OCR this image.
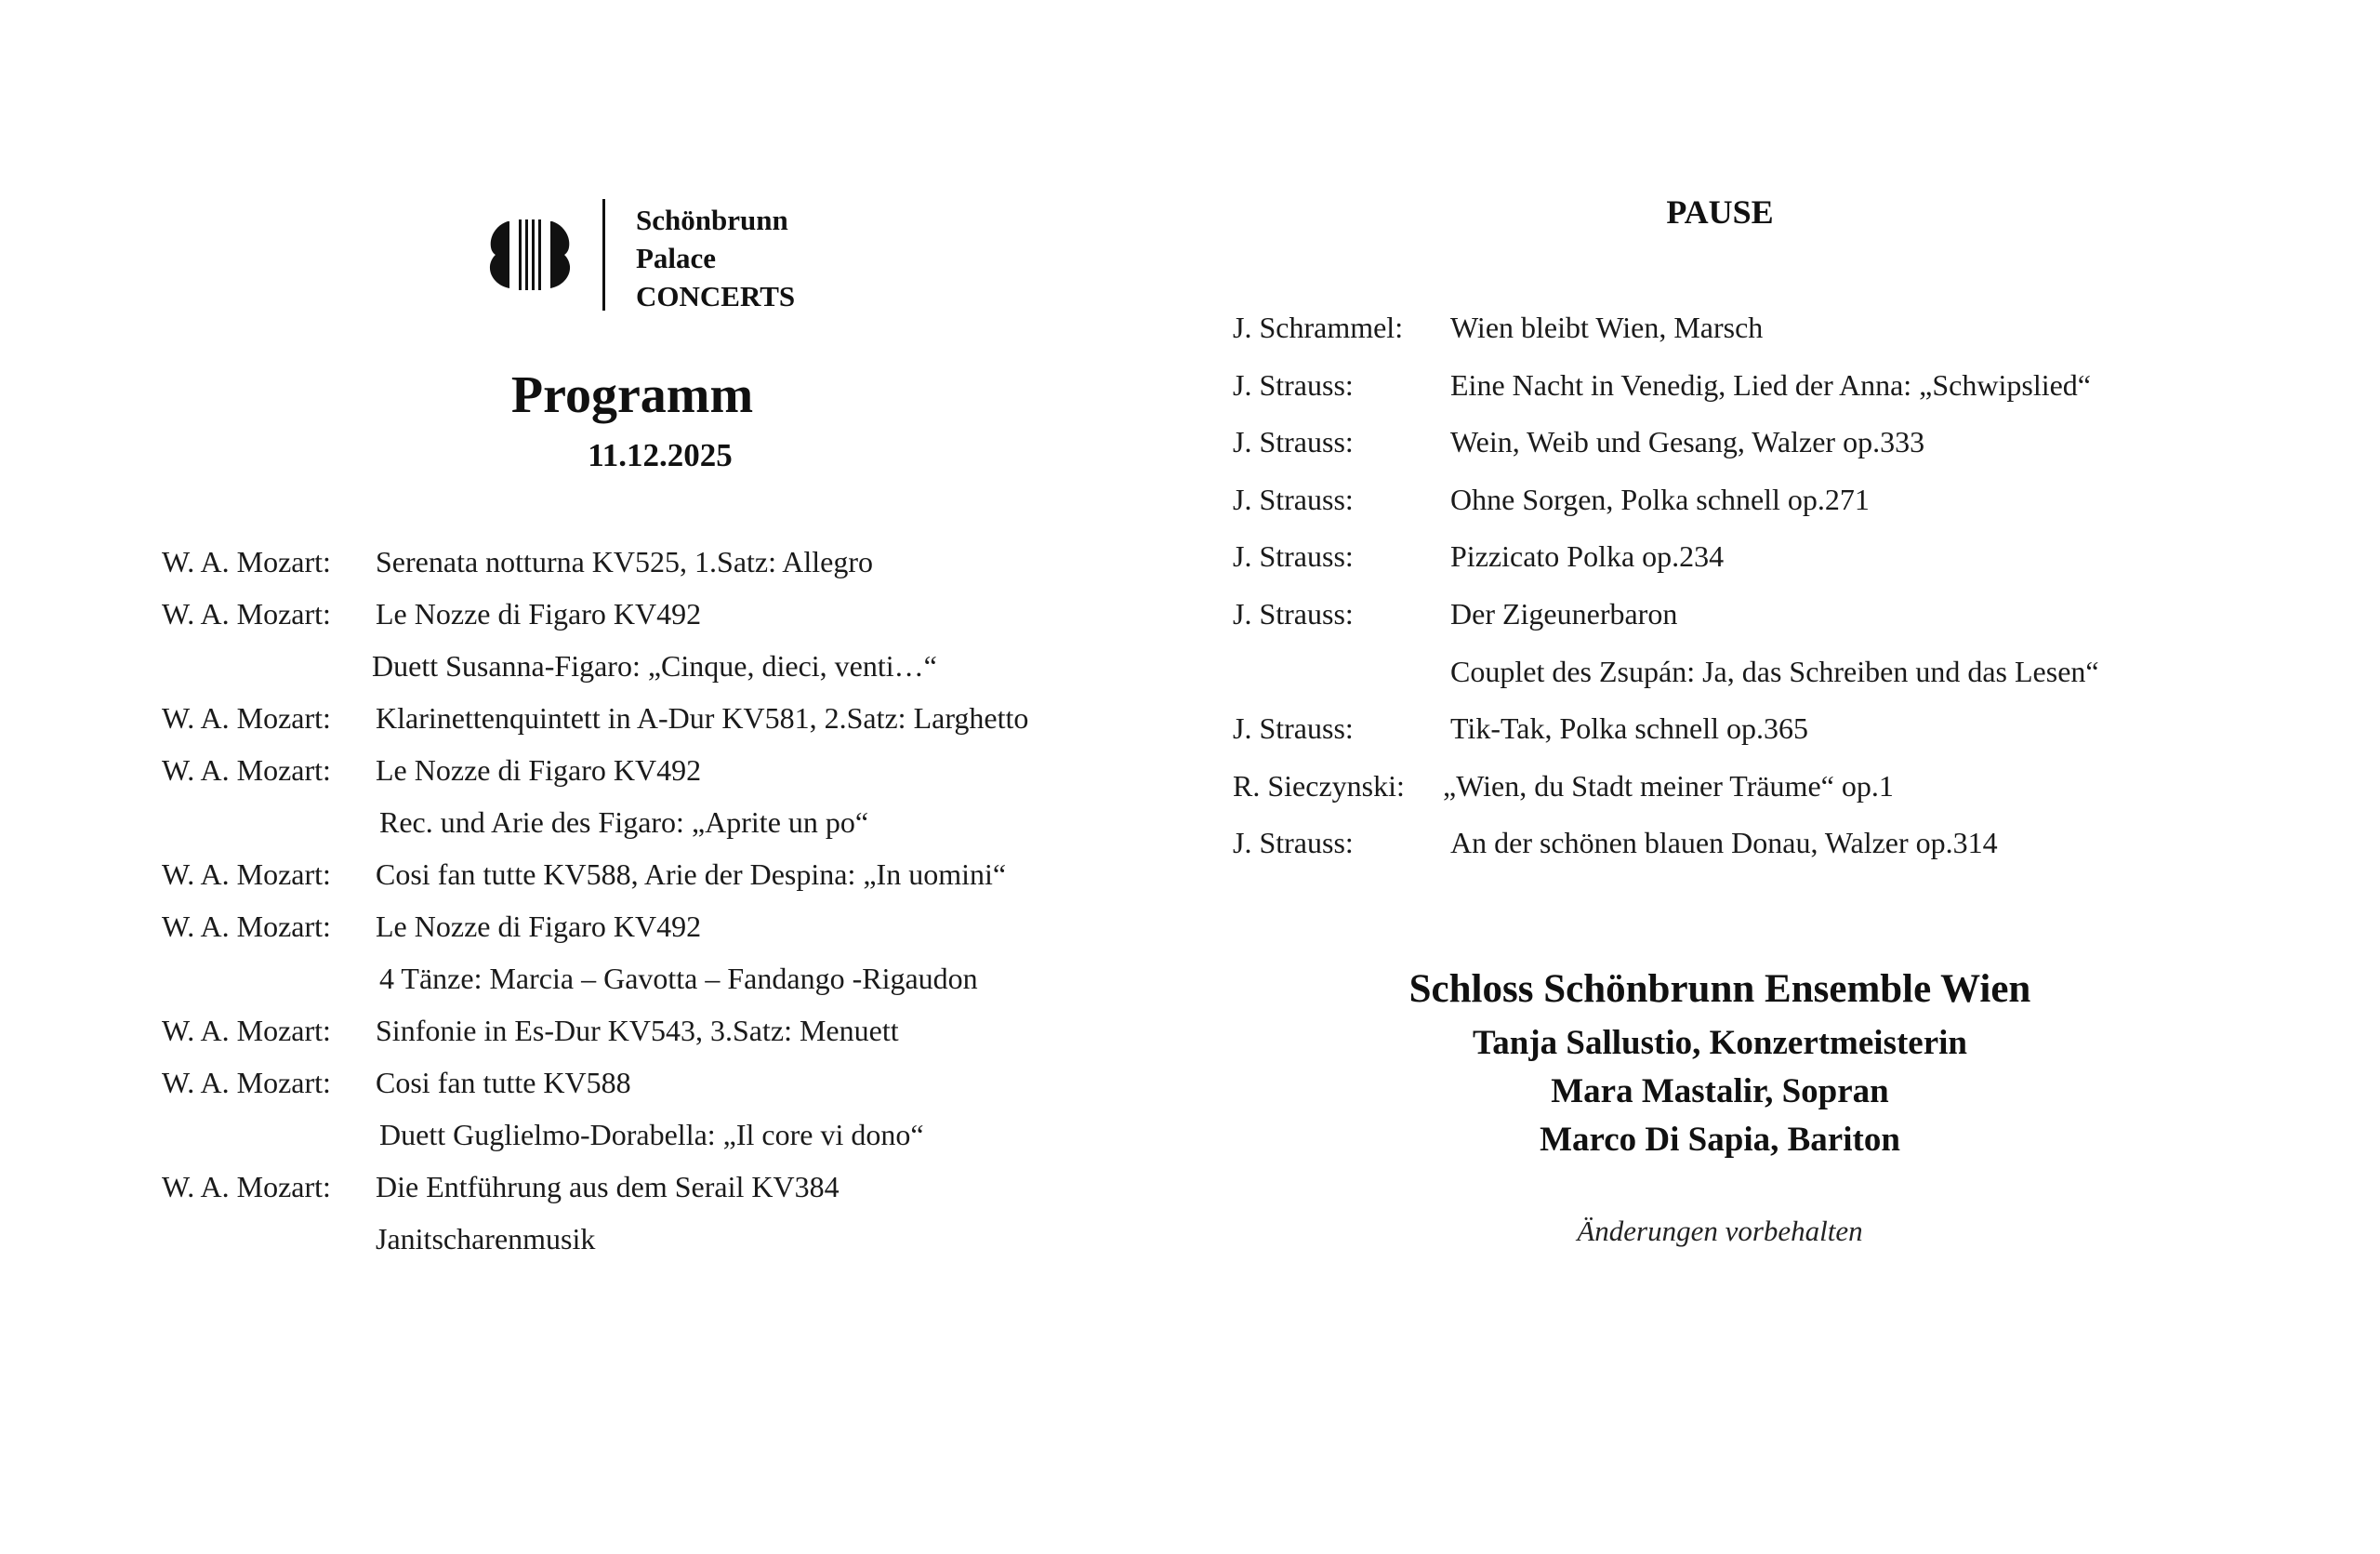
Schönbrunn
Palace
CONCERTS
Programm
11.12.2025
W. A. Mozart: Serenata notturna KV525, 1.Satz: Allegro
W. A. Mozart: Le Nozze di Figaro KV492
Duett Susanna-Figaro: „Cinque, dieci, venti…“
W. A. Mozart: Klarinettenquintett in A-Dur KV581, 2.Satz: Larghetto
W. A. Mozart: Le Nozze di Figaro KV492
Rec. und Arie des Figaro: „Aprite un po“
W. A. Mozart: Cosi fan tutte KV588, Arie der Despina: „In uomini“
W. A. Mozart: Le Nozze di Figaro KV492
4 Tänze: Marcia – Gavotta – Fandango -Rigaudon
W. A. Mozart: Sinfonie in Es-Dur KV543, 3.Satz: Menuett
W. A. Mozart: Cosi fan tutte KV588
Duett Guglielmo-Dorabella: „Il core vi dono“
W. A. Mozart: Die Entführung aus dem Serail KV384
Janitscharenmusik
PAUSE
J. Schrammel: Wien bleibt Wien, Marsch
J. Strauss:	Eine Nacht in Venedig, Lied der Anna: „Schwipslied“
J. Strauss:	Wein, Weib und Gesang, Walzer op.333
J. Strauss:	Ohne Sorgen, Polka schnell op.271
J. Strauss:	Pizzicato Polka op.234
J. Strauss:	Der Zigeunerbaron
Couplet des Zsupán: Ja, das Schreiben und das Lesen“
J. Strauss:	Tik-Tak, Polka schnell op.365
R. Sieczynski: „Wien, du Stadt meiner Träume“ op.1
J. Strauss:	An der schönen blauen Donau, Walzer op.314
Schloss Schönbrunn Ensemble Wien
Tanja Sallustio, Konzertmeisterin
Mara Mastalir, Sopran
Marco Di Sapia, Bariton
Änderungen vorbehalten
